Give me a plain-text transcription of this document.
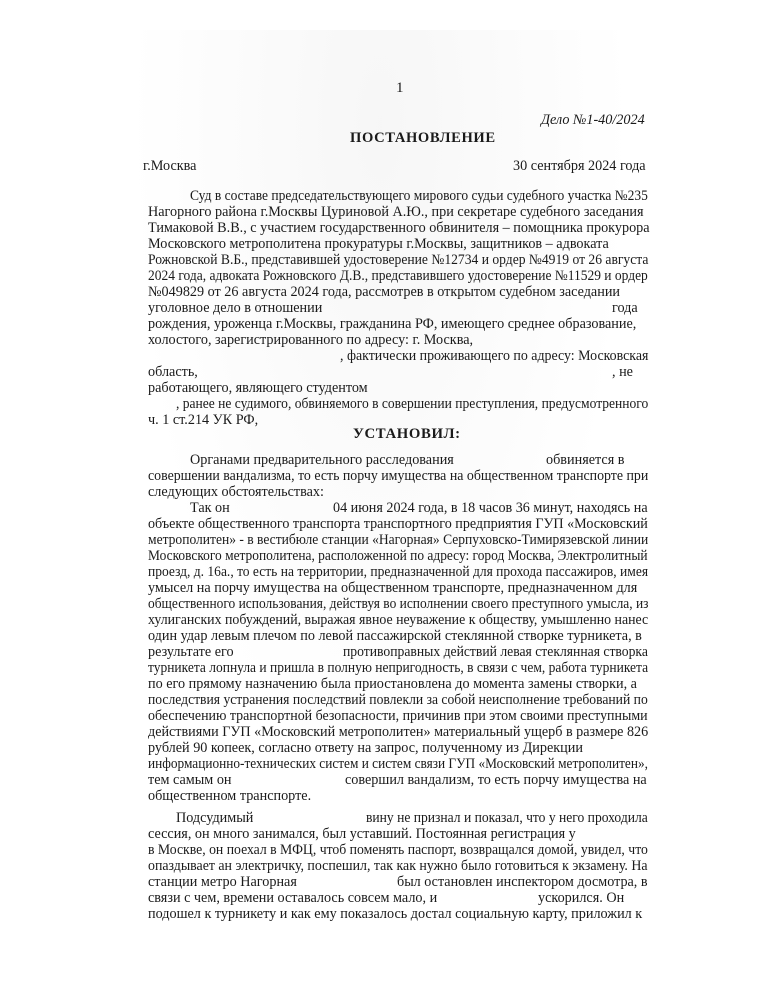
1
Дело №1-40/2024
ПОСТАНОВЛЕНИЕ
г.Москва	30 сентября 2024 года
Суд в составе председательствующего мирового судьи судебного участка №235
Нагорного района г.Москвы Цуриновой А.Ю., при секретаре судебного заседания
Тимаковой В.В., с участием государственного обвинителя – помощника прокурора
Московского метрополитена прокуратуры г.Москвы, защитников – адвоката
Рожновской В.Б., представившей удостоверение №12734 и ордер №4919 от 26 августа
2024 года, адвоката Рожновского Д.В., представившего удостоверение №11529 и ордер
№049829 от 26 августа 2024 года, рассмотрев в открытом судебном заседании
уголовное дело в отношении	года
рождения, уроженца г.Москвы, гражданина РФ, имеющего среднее образование,
холостого, зарегистрированного по адресу: г. Москва,
, фактически проживающего по адресу: Московская
область,	, не
работающего, являющего студентом
, ранее не судимого, обвиняемого в совершении преступления, предусмотренного
ч. 1 ст.214 УК РФ,
УСТАНОВИЛ:
Органами предварительного расследования	обвиняется в
совершении вандализма, то есть порчу имущества на общественном транспорте при
следующих обстоятельствах:
Так он	04 июня 2024 года, в 18 часов 36 минут, находясь на
объекте общественного транспорта транспортного предприятия ГУП «Московский
метрополитен» - в вестибюле станции «Нагорная» Серпуховско-Тимирязевской линии
Московского метрополитена, расположенной по адресу: город Москва, Электролитный
проезд, д. 16а., то есть на территории, предназначенной для прохода пассажиров, имея
умысел на порчу имущества на общественном транспорте, предназначенном для
общественного использования, действуя во исполнении своего преступного умысла, из
хулиганских побуждений, выражая явное неуважение к обществу, умышленно нанес
один удар левым плечом по левой пассажирской стеклянной створке турникета, в
результате его	противоправных действий левая стеклянная створка
турникета лопнула и пришла в полную непригодность, в связи с чем, работа турникета
по его прямому назначению была приостановлена до момента замены створки, а
последствия устранения последствий повлекли за собой неисполнение требований по
обеспечению транспортной безопасности, причинив при этом своими преступными
действиями ГУП «Московский метрополитен» материальный ущерб в размере 826
рублей 90 копеек, согласно ответу на запрос, полученному из Дирекции
информационно-технических систем и систем связи ГУП «Московский метрополитен»,
тем самым он	совершил вандализм, то есть порчу имущества на
общественном транспорте.
Подсудимый	вину не признал и показал, что у него проходила
сессия, он много занимался, был уставший. Постоянная регистрация у
в Москве, он поехал в МФЦ, чтоб поменять паспорт, возвращался домой, увидел, что
опаздывает ан электричку, поспешил, так как нужно было готовиться к экзамену. На
станции метро Нагорная	был остановлен инспектором досмотра, в
связи с чем, времени оставалось совсем мало, и	ускорился. Он
подошел к турникету и как ему показалось достал социальную карту, приложил к
